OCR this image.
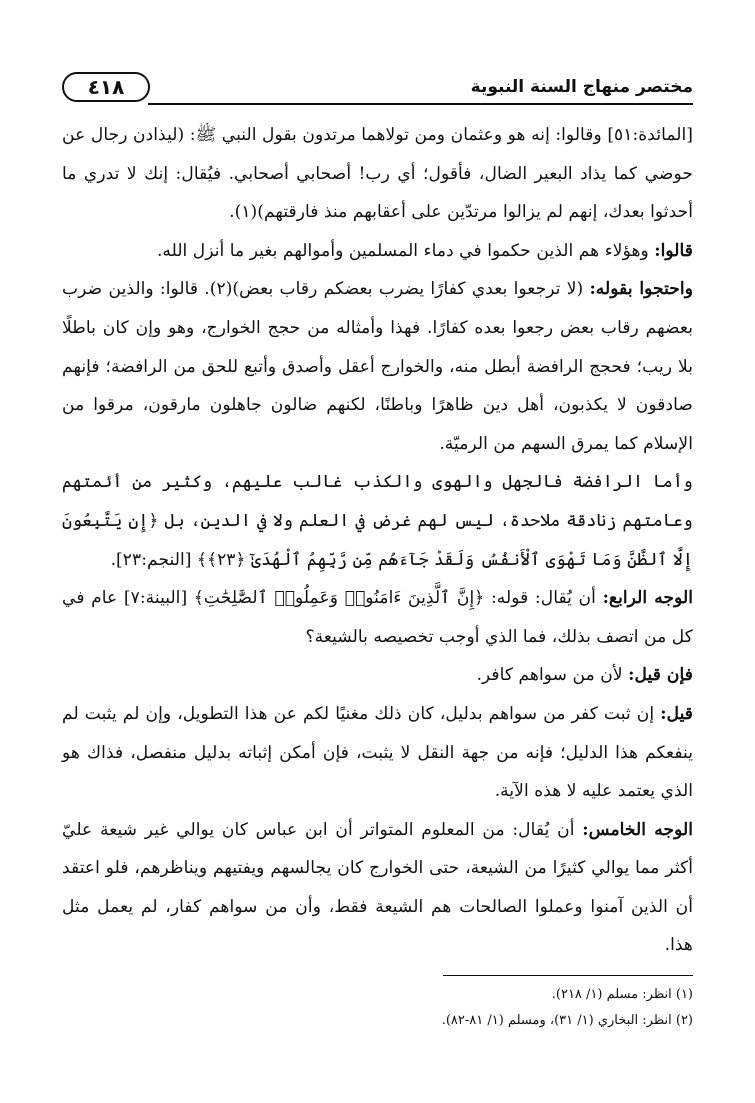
٤١٨	مختصر منهاج السنة النبوية

[المائدة:٥١] وقالوا: إنه هو وعثمان ومن تولاهما مرتدون بقول النبي ﷺ: (ليذادن رجال عن حوضي كما يذاد البعير الضال، فأقول؛ أي رب! أصحابي أصحابي. فيُقال: إنك لا تدري ما أحدثوا بعدك، إنهم لم يزالوا مرتدّين على أعقابهم منذ فارقتهم)(١).

قالوا: وهؤلاء هم الذين حكموا في دماء المسلمين وأموالهم بغير ما أنزل الله.

واحتجوا بقوله: (لا ترجعوا بعدي كفارًا يضرب بعضكم رقاب بعض)(٢). قالوا: والذين ضرب بعضهم رقاب بعض رجعوا بعده كفارًا. فهذا وأمثاله من حجج الخوارج، وهو وإن كان باطلًا بلا ريب؛ فحجج الرافضة أبطل منه، والخوارج أعقل وأصدق وأتبع للحق من الرافضة؛ فإنهم صادقون لا يكذبون، أهل دين ظاهرًا وباطنًا، لكنهم ضالون جاهلون مارقون، مرقوا من الإسلام كما يمرق السهم من الرميّة.

وأما الرافضة فالجهل والهوى والكذب غالب عليهم، وكثير من أئمتهم وعامتهم زنادقة ملاحدة، ليس لهم غرض في العلم ولا في الدين، بل ﴿إِن يَتَّبِعُونَ إِلَّا ٱلظَّنَّ وَمَا تَهْوَى ٱلْأَنفُسُ وَلَقَدْ جَآءَهُم مِّن رَّبِّهِمُ ٱلْهُدَىٰٓ ﴿٢٣﴾﴾ [النجم:٢٣].

الوجه الرابع: أن يُقال: قوله: ﴿إِنَّ ٱلَّذِينَ ءَامَنُوا۟ وَعَمِلُوا۟ ٱلصَّٰلِحَٰتِ﴾ [البينة:٧] عام في كل من اتصف بذلك، فما الذي أوجب تخصيصه بالشيعة؟

فإن قيل: لأن من سواهم كافر.

قيل: إن ثبت كفر من سواهم بدليل، كان ذلك مغنيًا لكم عن هذا التطويل، وإن لم يثبت لم ينفعكم هذا الدليل؛ فإنه من جهة النقل لا يثبت، فإن أمكن إثباته بدليل منفصل، فذاك هو الذي يعتمد عليه لا هذه الآية.

الوجه الخامس: أن يُقال: من المعلوم المتواتر أن ابن عباس كان يوالي غير شيعة عليّ أكثر مما يوالي كثيرًا من الشيعة، حتى الخوارج كان يجالسهم ويفتيهم ويناظرهم، فلو اعتقد أن الذين آمنوا وعملوا الصالحات هم الشيعة فقط، وأن من سواهم كفار، لم يعمل مثل هذا.

(١) انظر: مسلم (١/ ٢١٨).

(٢) انظر: البخاري (١/ ٣١)، ومسلم (١/ ٨١-٨٢).
